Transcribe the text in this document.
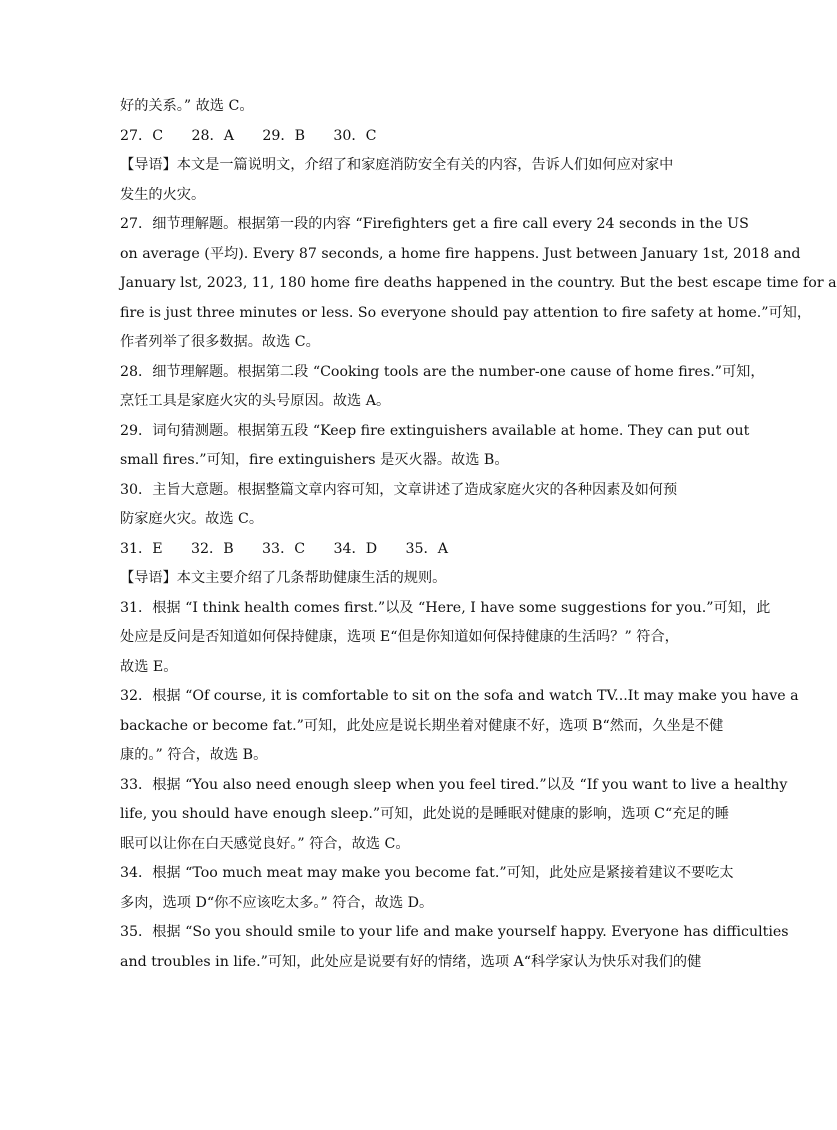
好的关系。” 故选 C。
27．C　　28．A　　29．B　　30．C
【导语】本文是一篇说明文，介绍了和家庭消防安全有关的内容，告诉人们如何应对家中
发生的火灾。
27．细节理解题。根据第一段的内容 “Firefighters get a fire call every 24 seconds in the US
on average (平均). Every 87 seconds, a home fire happens. Just between January 1st, 2018 and
January lst, 2023, 11, 180 home fire deaths happened in the country. But the best escape time for a
fire is just three minutes or less. So everyone should pay attention to fire safety at home.”可知，
作者列举了很多数据。故选 C。
28．细节理解题。根据第二段 “Cooking tools are the number-one cause of home fires.”可知，
烹饪工具是家庭火灾的头号原因。故选 A。
29．词句猜测题。根据第五段 “Keep fire extinguishers available at home. They can put out
small fires.”可知，fire extinguishers 是灭火器。故选 B。
30．主旨大意题。根据整篇文章内容可知，文章讲述了造成家庭火灾的各种因素及如何预
防家庭火灾。故选 C。
31．E　　32．B　　33．C　　34．D　　35．A
【导语】本文主要介绍了几条帮助健康生活的规则。
31．根据 “I think health comes first.”以及 “Here, I have some suggestions for you.”可知，此
处应是反问是否知道如何保持健康，选项 E“但是你知道如何保持健康的生活吗？” 符合，
故选 E。
32．根据 “Of course, it is comfortable to sit on the sofa and watch TV...It may make you have a
backache or become fat.”可知，此处应是说长期坐着对健康不好，选项 B“然而，久坐是不健
康的。” 符合，故选 B。
33．根据 “You also need enough sleep when you feel tired.”以及 “If you want to live a healthy
life, you should have enough sleep.”可知，此处说的是睡眠对健康的影响，选项 C“充足的睡
眠可以让你在白天感觉良好。” 符合，故选 C。
34．根据 “Too much meat may make you become fat.”可知，此处应是紧接着建议不要吃太
多肉，选项 D“你不应该吃太多。” 符合，故选 D。
35．根据 “So you should smile to your life and make yourself happy. Everyone has difficulties
and troubles in life.”可知，此处应是说要有好的情绪，选项 A“科学家认为快乐对我们的健
